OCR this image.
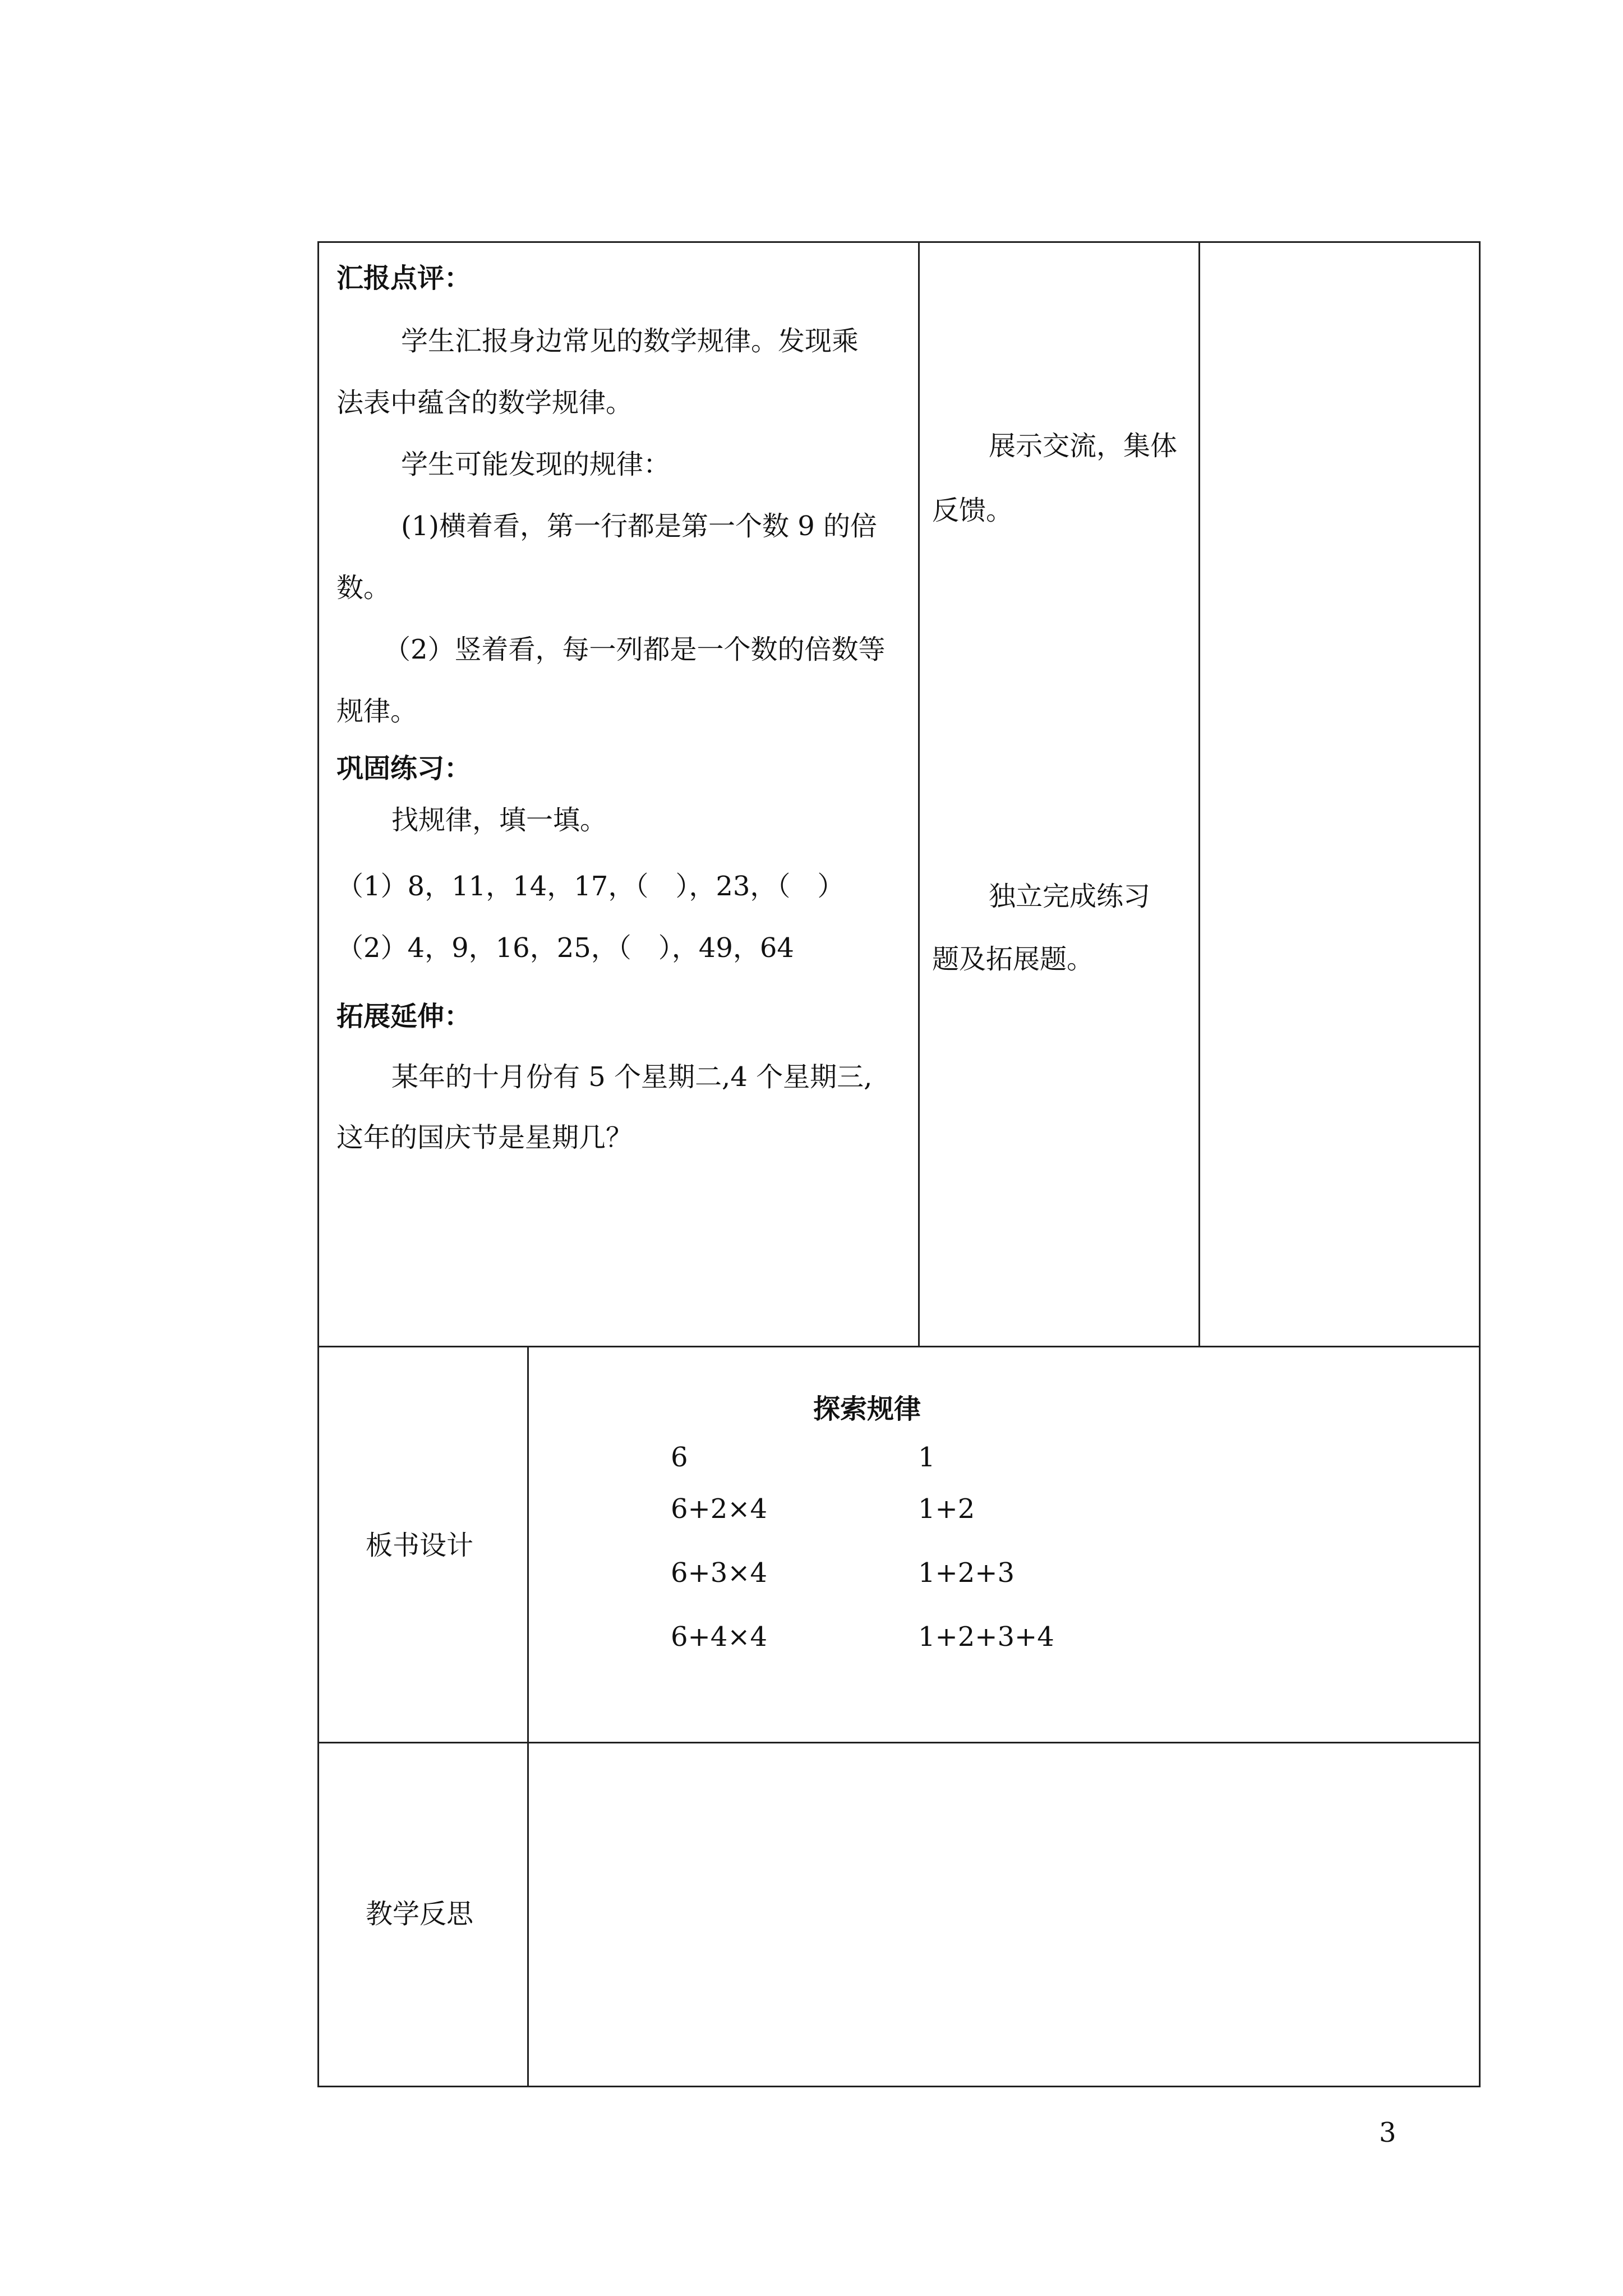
汇报点评：
学生汇报身边常见的数学规律。发现乘
法表中蕴含的数学规律。
学生可能发现的规律：
(1)横着看，第一行都是第一个数 9 的倍
数。
（2）竖着看，每一列都是一个数的倍数等
规律。
巩固练习：
找规律，填一填。
（1）8，11，14，17，（　），23，（　）
（2）4，9，16，25，（　），49，64
拓展延伸：
某年的十月份有 5 个星期二,4 个星期三,
这年的国庆节是星期几？
展示交流，集体
反馈。
独立完成练习
题及拓展题。
板书设计
探索规律
6
6+2×4
6+3×4
6+4×4
1
1+2
1+2+3
1+2+3+4
教学反思
3
